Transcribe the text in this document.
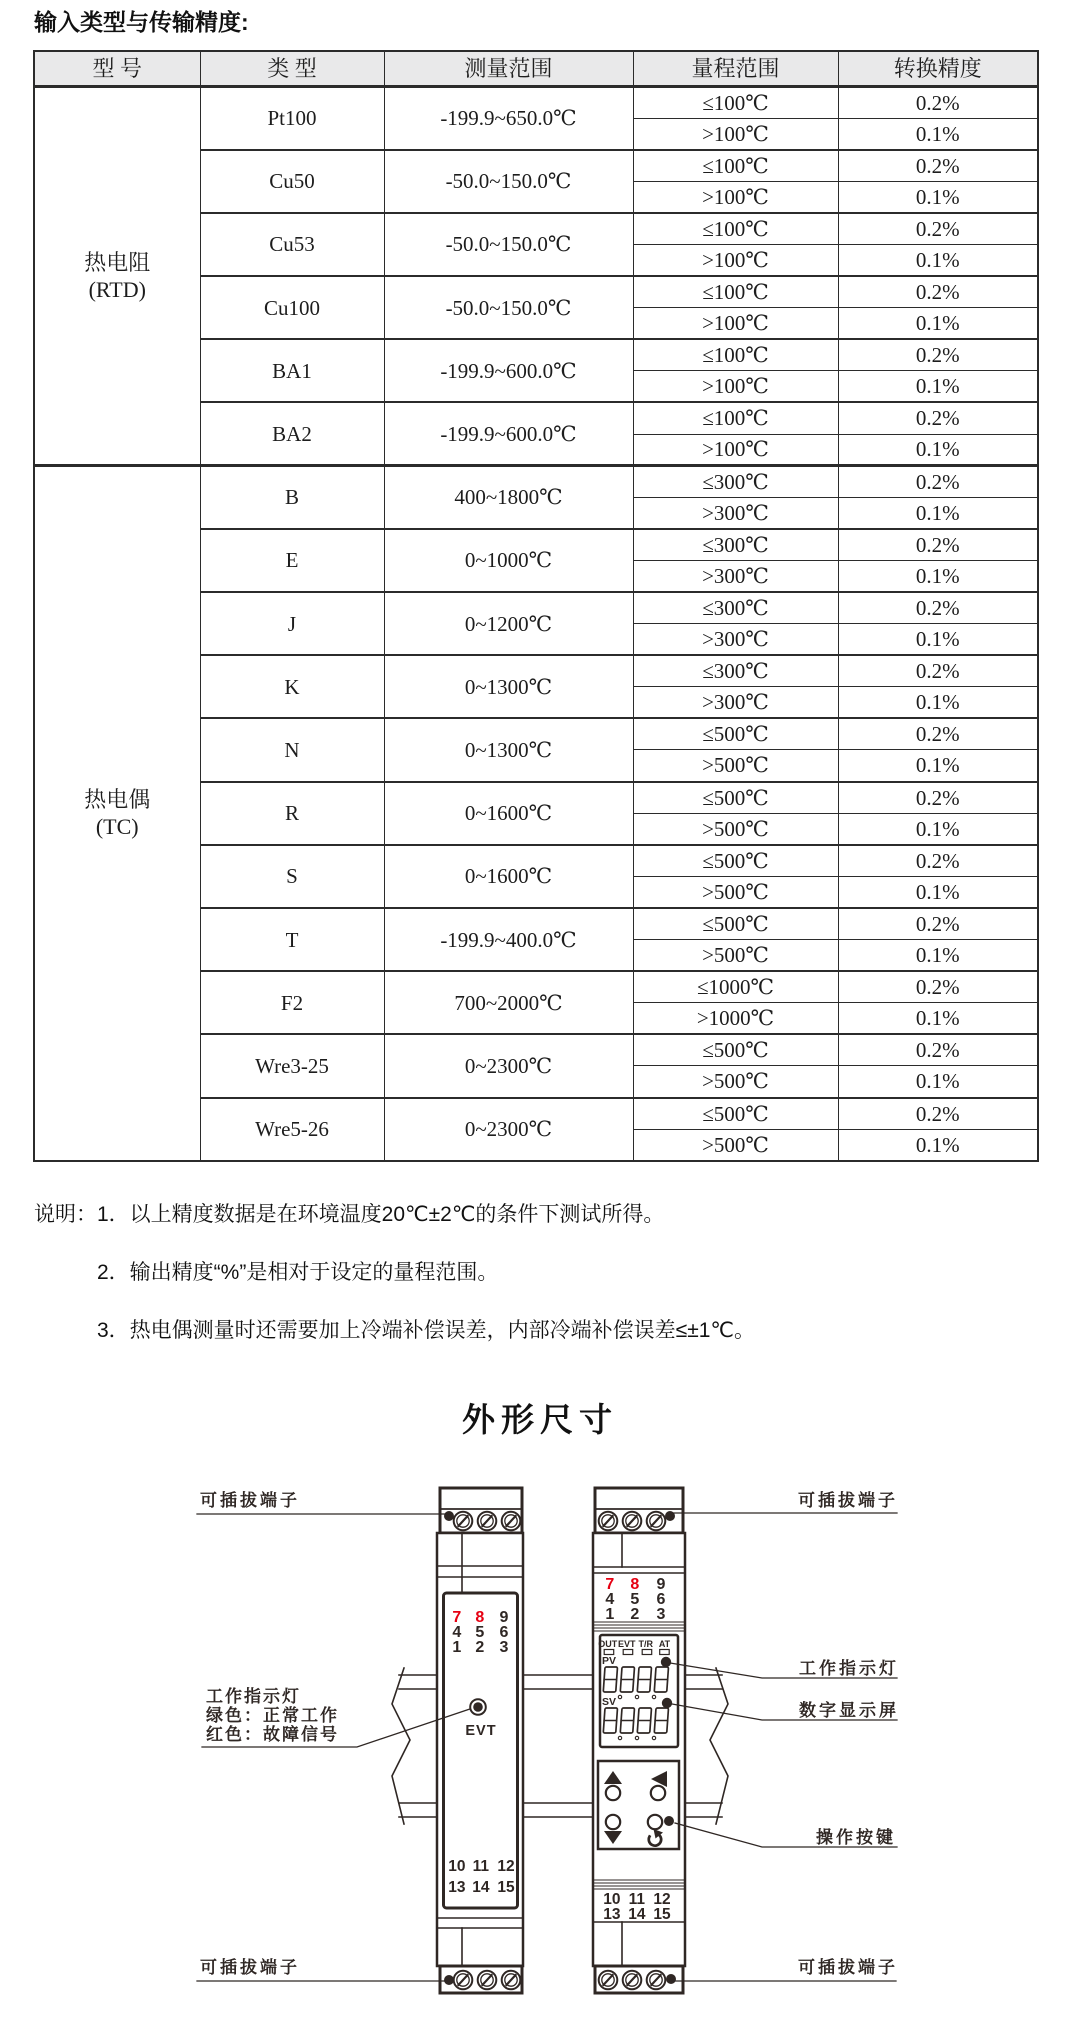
输入类型与传输精度:
型 号	类 型	测量范围	量程范围	转换精度

热电阻
(RTD)	Pt100	-199.9~650.0℃	≤100℃	0.2%
			>100℃	0.1%
	Cu50	-50.0~150.0℃	≤100℃	0.2%
			>100℃	0.1%
	Cu53	-50.0~150.0℃	≤100℃	0.2%
			>100℃	0.1%
	Cu100	-50.0~150.0℃	≤100℃	0.2%
			>100℃	0.1%
	BA1	-199.9~600.0℃	≤100℃	0.2%
			>100℃	0.1%
	BA2	-199.9~600.0℃	≤100℃	0.2%
			>100℃	0.1%

热电偶
(TC)	B	400~1800℃	≤300℃	0.2%
			>300℃	0.1%
	E	0~1000℃	≤300℃	0.2%
			>300℃	0.1%
	J	0~1200℃	≤300℃	0.2%
			>300℃	0.1%
	K	0~1300℃	≤300℃	0.2%
			>300℃	0.1%
	N	0~1300℃	≤500℃	0.2%
			>500℃	0.1%
	R	0~1600℃	≤500℃	0.2%
			>500℃	0.1%
	S	0~1600℃	≤500℃	0.2%
			>500℃	0.1%
	T	-199.9~400.0℃	≤500℃	0.2%
			>500℃	0.1%
	F2	700~2000℃	≤1000℃	0.2%
			>1000℃	0.1%
	Wre3-25	0~2300℃	≤500℃	0.2%
			>500℃	0.1%
	Wre5-26	0~2300℃	≤500℃	0.2%
			>500℃	0.1%
说明：1．以上精度数据是在环境温度20℃±2℃的条件下测试所得。
2．输出精度“%”是相对于设定的量程范围。
3．热电偶测量时还需要加上冷端补偿误差，内部冷端补偿误差≤±1℃。
外形尺寸
7 8 9
4 5 6
1 2 3
EVT
10 11 12
13 14 15
7 8 9
4 5 6
1 2 3
OUT EVT T/R AT
PV
SV
10 11 12
13 14 15
可插拔端子	可插拔端子
可插拔端子	可插拔端子
工作指示灯
绿色：正常工作
红色：故障信号
工作指示灯
数字显示屏
操作按键
